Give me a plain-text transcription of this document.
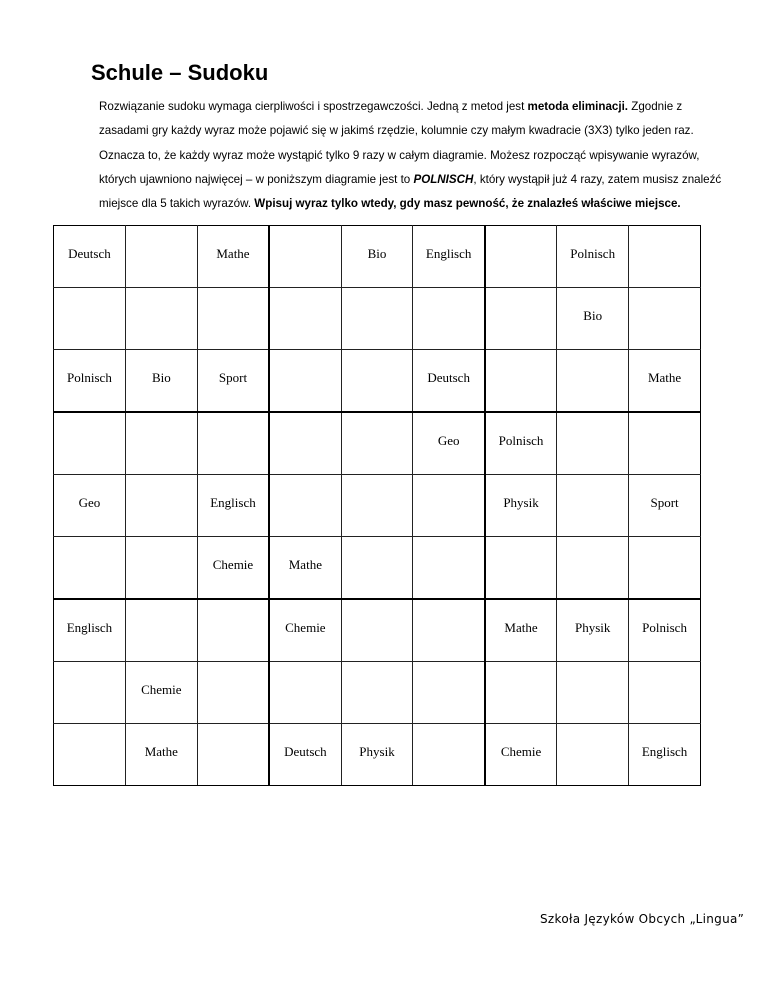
Schule – Sudoku
Rozwiązanie sudoku wymaga cierpliwości i spostrzegawczości. Jedną z metod jest metoda eliminacji. Zgodnie z zasadami gry każdy wyraz może pojawić się w jakimś rzędzie, kolumnie czy małym kwadracie (3X3) tylko jeden raz. Oznacza to, że każdy wyraz może wystąpić tylko 9 razy w całym diagramie. Możesz rozpocząć wpisywanie wyrazów, których ujawniono najwięcej – w poniższym diagramie jest to POLNISCH, który wystąpił już 4 razy, zatem musisz znaleźć miejsce dla 5 takich wyrazów. Wpisuj wyraz tylko wtedy, gdy masz pewność, że znalazłeś właściwe miejsce.
Deutsch		Mathe		Bio	Englisch		Polnisch	
							Bio	
Polnisch	Bio	Sport			Deutsch			Mathe
					Geo	Polnisch		
Geo		Englisch				Physik		Sport
		Chemie	Mathe					
Englisch			Chemie			Mathe	Physik	Polnisch
	Chemie							
	Mathe		Deutsch	Physik		Chemie		Englisch
Szkoła Języków Obcych „Lingua”
